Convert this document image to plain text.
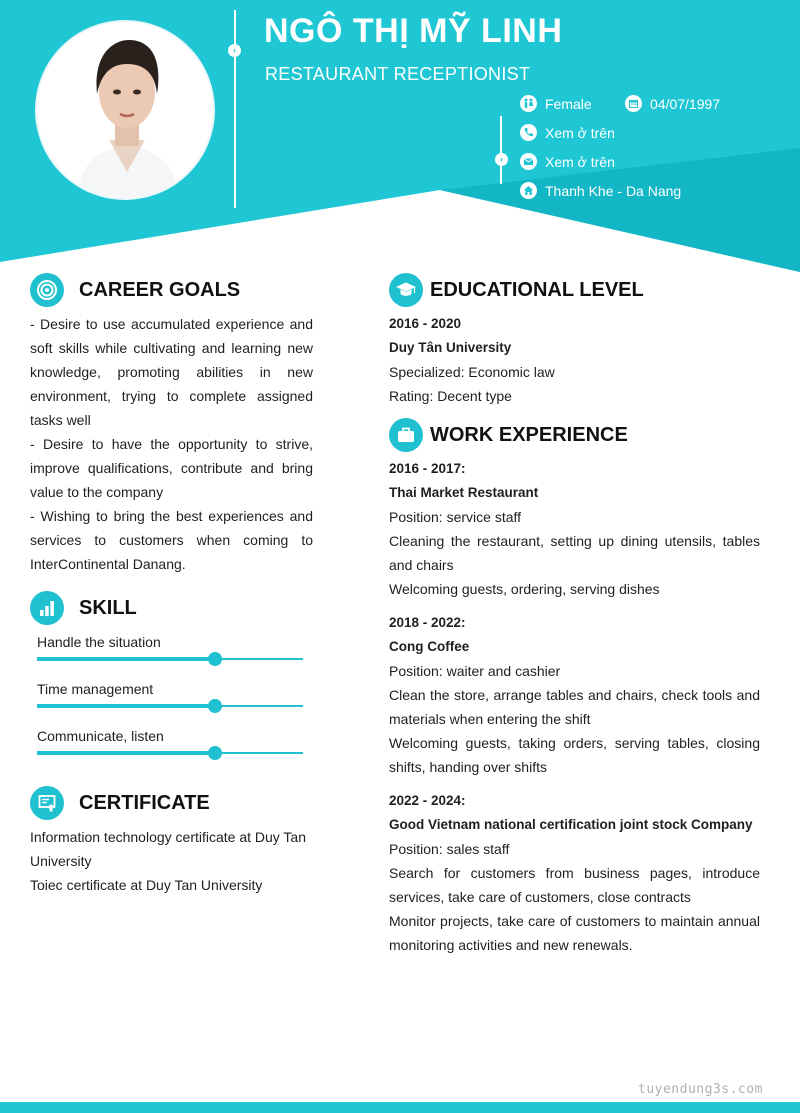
› NGÔ THỊ MỸ LINH
RESTAURANT RECEPTIONIST
›
Female	04/07/1997
Xem ở trên
Xem ở trên
Thanh Khe - Da Nang
CAREER GOALS
- Desire to use accumulated experience and soft skills while cultivating and learning new knowledge, promoting abilities in new environment, trying to complete assigned tasks well
- Desire to have the opportunity to strive, improve qualifications, contribute and bring value to the company
- Wishing to bring the best experiences and services to customers when coming to InterContinental Danang.
SKILL
Handle the situation
Time management
Communicate, listen
CERTIFICATE
Information technology certificate at Duy Tan University
Toiec certificate at Duy Tan University
EDUCATIONAL LEVEL
2016 - 2020
Duy Tân University
Specialized: Economic law
Rating: Decent type
WORK EXPERIENCE
2016 - 2017:
Thai Market Restaurant
Position: service staff
Cleaning the restaurant, setting up dining utensils, tables and chairs
Welcoming guests, ordering, serving dishes
2018 - 2022:
Cong Coffee
Position: waiter and cashier
Clean the store, arrange tables and chairs, check tools and materials when entering the shift
Welcoming guests, taking orders, serving tables, closing shifts, handing over shifts
2022 - 2024:
Good Vietnam national certification joint stock Company
Position: sales staff
Search for customers from business pages, introduce services, take care of customers, close contracts
Monitor projects, take care of customers to maintain annual monitoring activities and new renewals.
tuyendung3s.com
